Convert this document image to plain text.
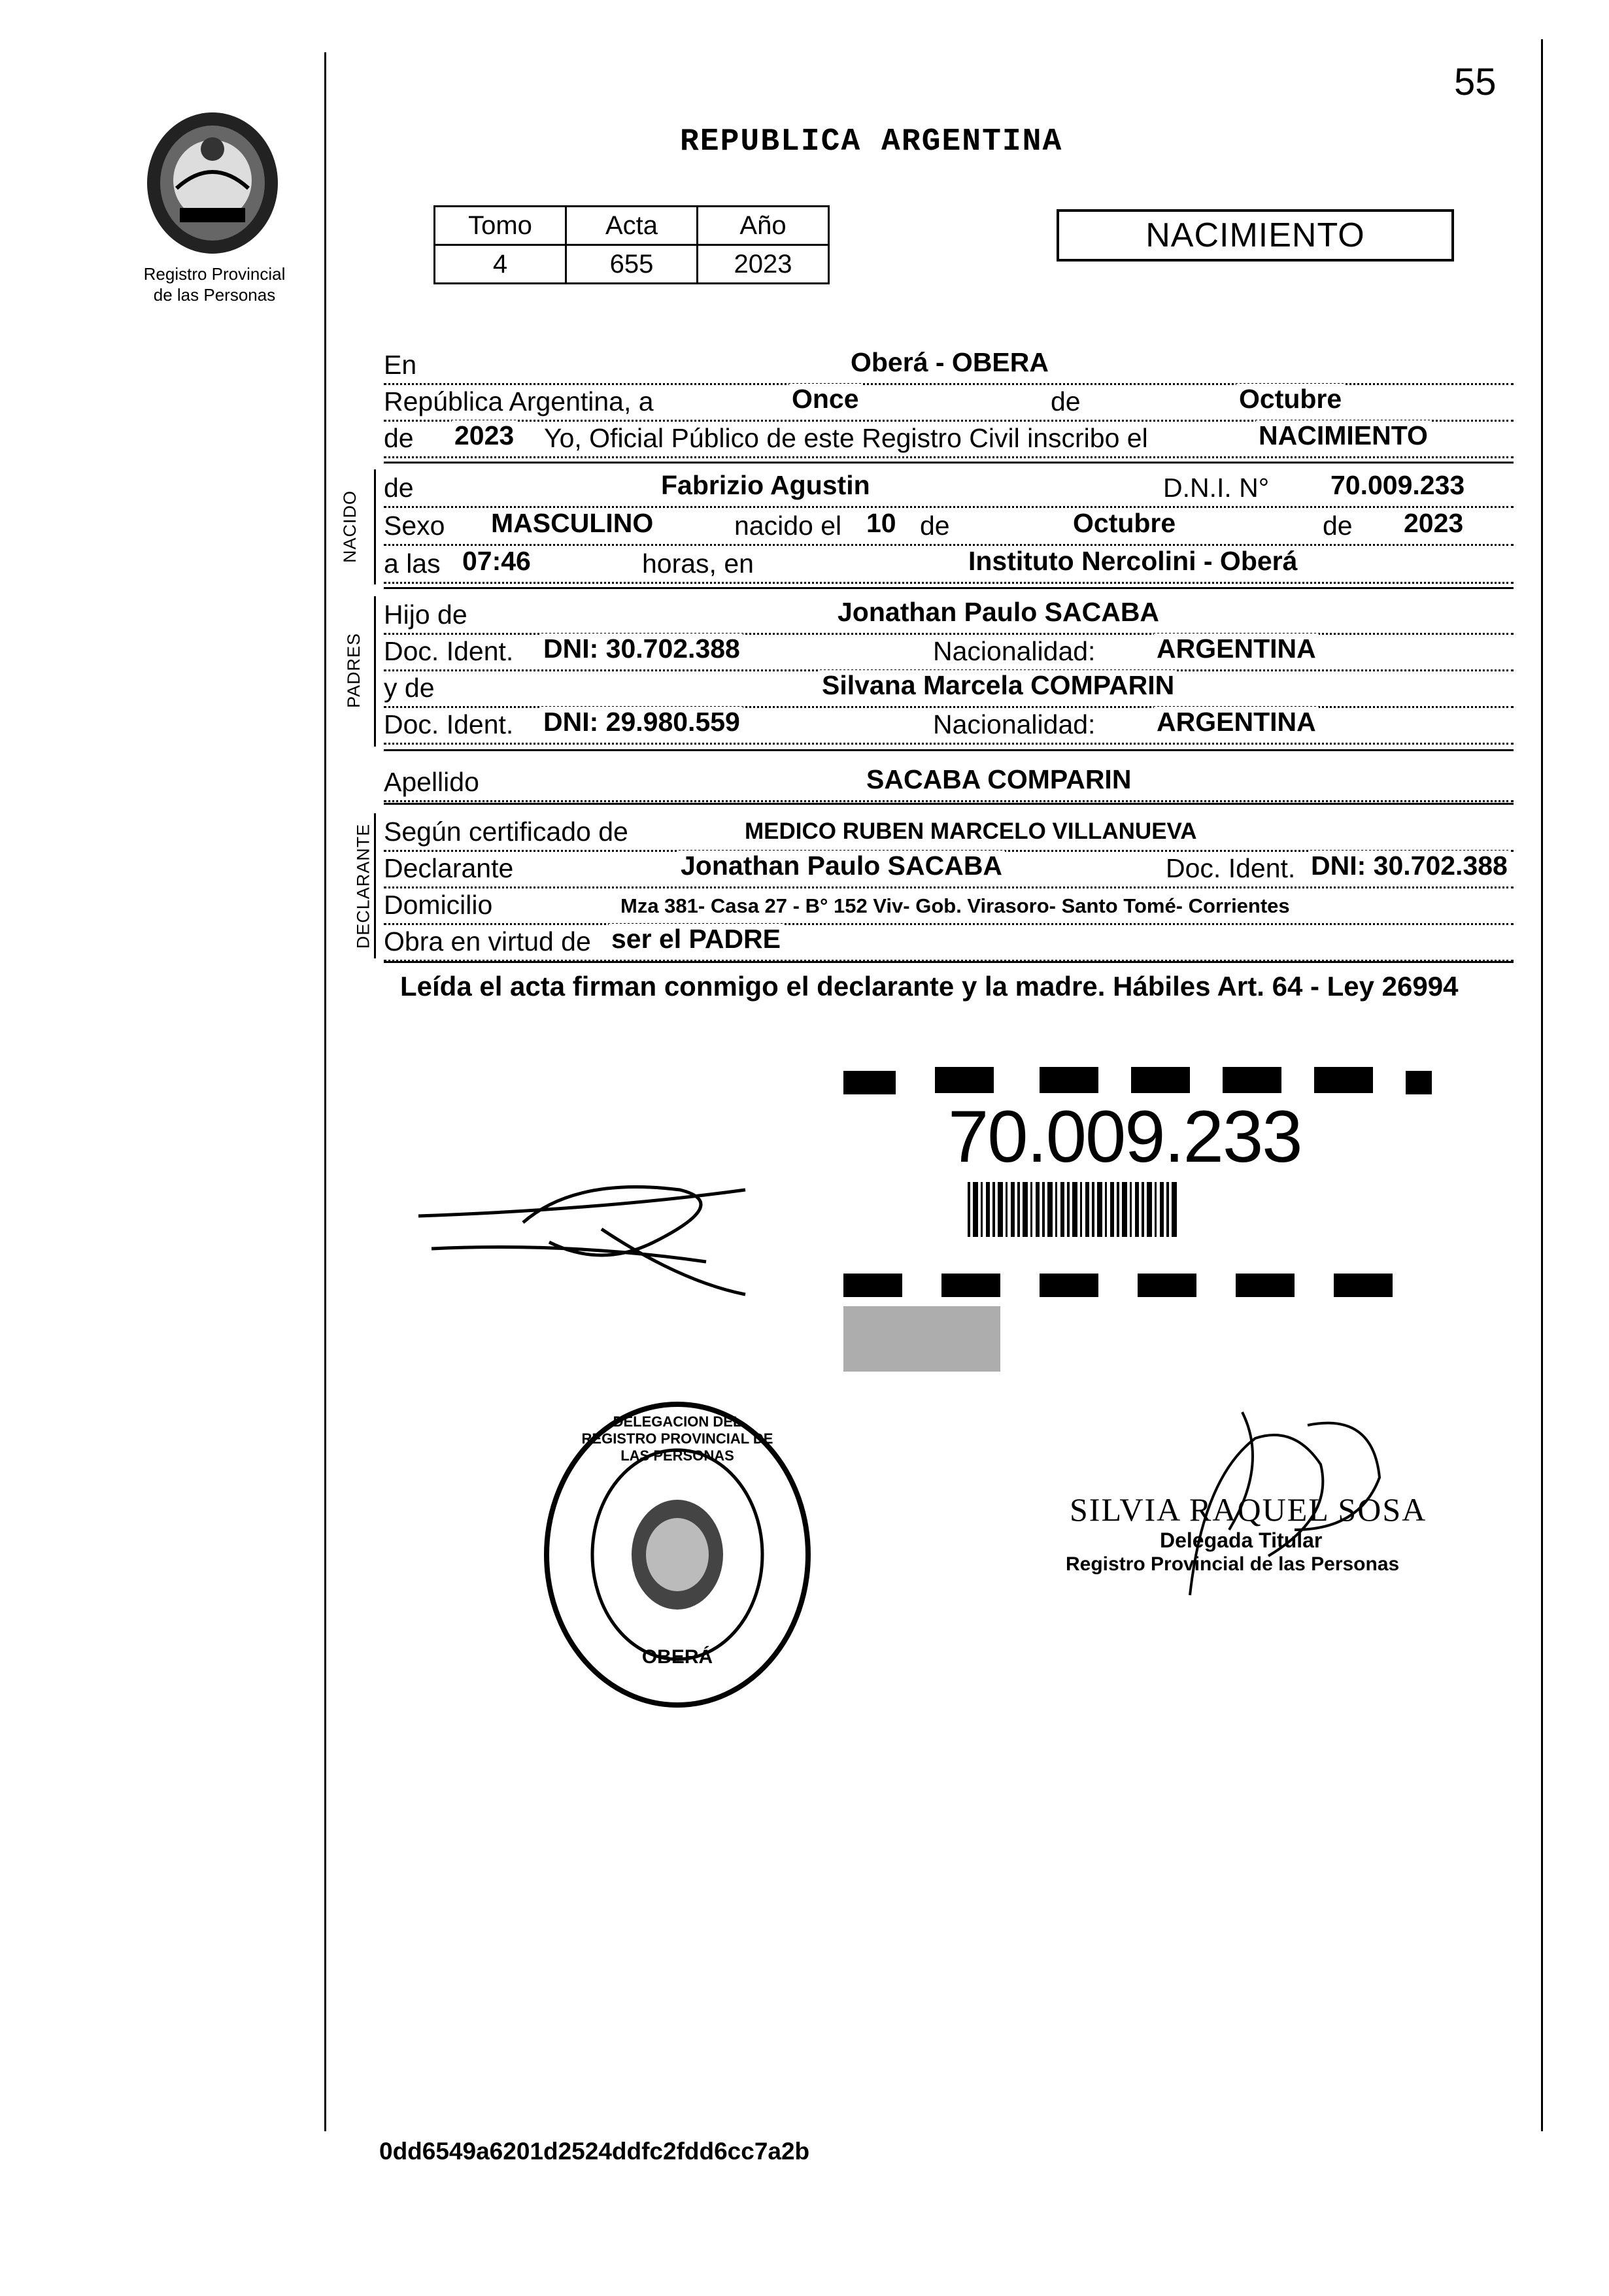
55
Registro Provincial
de las Personas
REPUBLICA ARGENTINA
Tomo	Acta	Año
4	655	2023
NACIMIENTO
En	Oberá - OBERA
República Argentina, a	Once	de	Octubre
de 2023 Yo, Oficial Público de este Registro Civil inscribo el	NACIMIENTO
NACIDO
de	Fabrizio Agustin	D.N.I. N° 70.009.233
Sexo MASCULINO	nacido el 10 de	Octubre	de 2023
a las 07:46	horas, en	Instituto Nercolini - Oberá
PADRES
Hijo de	Jonathan Paulo SACABA
Doc. Ident. DNI: 30.702.388	Nacionalidad: ARGENTINA
y de	Silvana Marcela COMPARIN
Doc. Ident. DNI: 29.980.559	Nacionalidad: ARGENTINA
Apellido	SACABA COMPARIN
DECLARANTE Según certificado de	MEDICO RUBEN MARCELO VILLANUEVA
Declarante	Jonathan Paulo SACABA	Doc. Ident. DNI: 30.702.388
Domicilio	Mza 381- Casa 27 - B° 152 Viv- Gob. Virasoro- Santo Tomé- Corrientes
Obra en virtud de ser el PADRE
Leída el acta firman conmigo el declarante y la madre. Hábiles Art. 64 - Ley 26994
70.009.233
DELEGACION DEL REGISTRO PROVINCIAL DE LAS PERSONAS
OBERÁ
SILVIA RAQUEL SOSA
Delegada Titular
Registro Provincial de las Personas
0dd6549a6201d2524ddfc2fdd6cc7a2b
